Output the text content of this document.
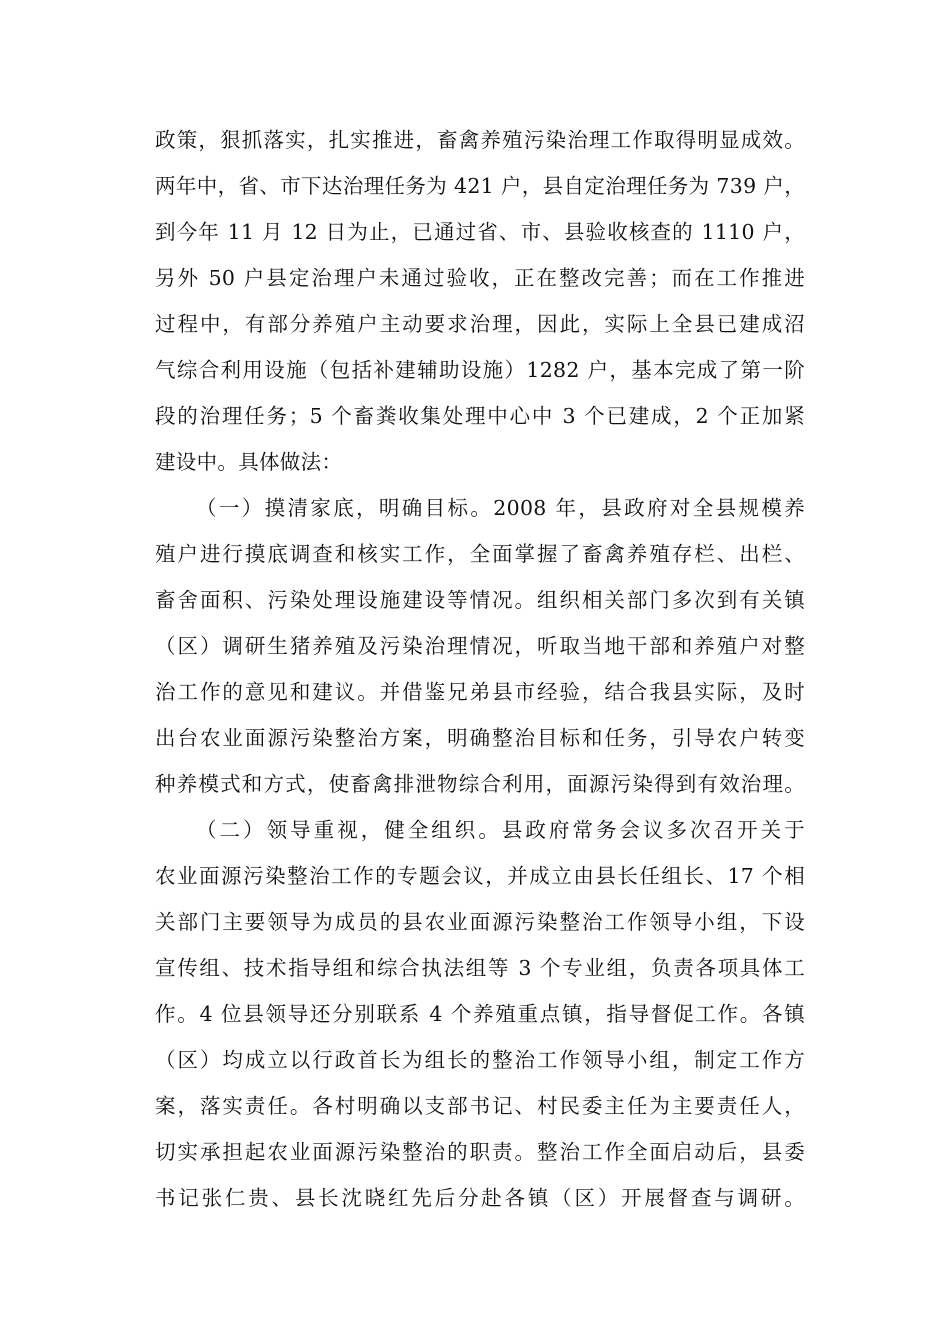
政策，狠抓落实，扎实推进，畜禽养殖污染治理工作取得明显成效。
两年中，省、市下达治理任务为 421 户，县自定治理任务为 739 户，
到今年 11 月 12 日为止，已通过省、市、县验收核查的 1110 户，
另外 50 户县定治理户未通过验收，正在整改完善；而在工作推进
过程中，有部分养殖户主动要求治理，因此，实际上全县已建成沼
气综合利用设施（包括补建辅助设施）1282 户，基本完成了第一阶
段的治理任务；5 个畜粪收集处理中心中 3 个已建成，2 个正加紧
建设中。具体做法：
（一）摸清家底，明确目标。2008 年，县政府对全县规模养
殖户进行摸底调查和核实工作，全面掌握了畜禽养殖存栏、出栏、
畜舍面积、污染处理设施建设等情况。组织相关部门多次到有关镇
（区）调研生猪养殖及污染治理情况，听取当地干部和养殖户对整
治工作的意见和建议。并借鉴兄弟县市经验，结合我县实际，及时
出台农业面源污染整治方案，明确整治目标和任务，引导农户转变
种养模式和方式，使畜禽排泄物综合利用，面源污染得到有效治理。
（二）领导重视，健全组织。县政府常务会议多次召开关于
农业面源污染整治工作的专题会议，并成立由县长任组长、17 个相
关部门主要领导为成员的县农业面源污染整治工作领导小组，下设
宣传组、技术指导组和综合执法组等 3 个专业组，负责各项具体工
作。4 位县领导还分别联系 4 个养殖重点镇，指导督促工作。各镇
（区）均成立以行政首长为组长的整治工作领导小组，制定工作方
案，落实责任。各村明确以支部书记、村民委主任为主要责任人，
切实承担起农业面源污染整治的职责。整治工作全面启动后，县委
书记张仁贵、县长沈晓红先后分赴各镇（区）开展督查与调研。
